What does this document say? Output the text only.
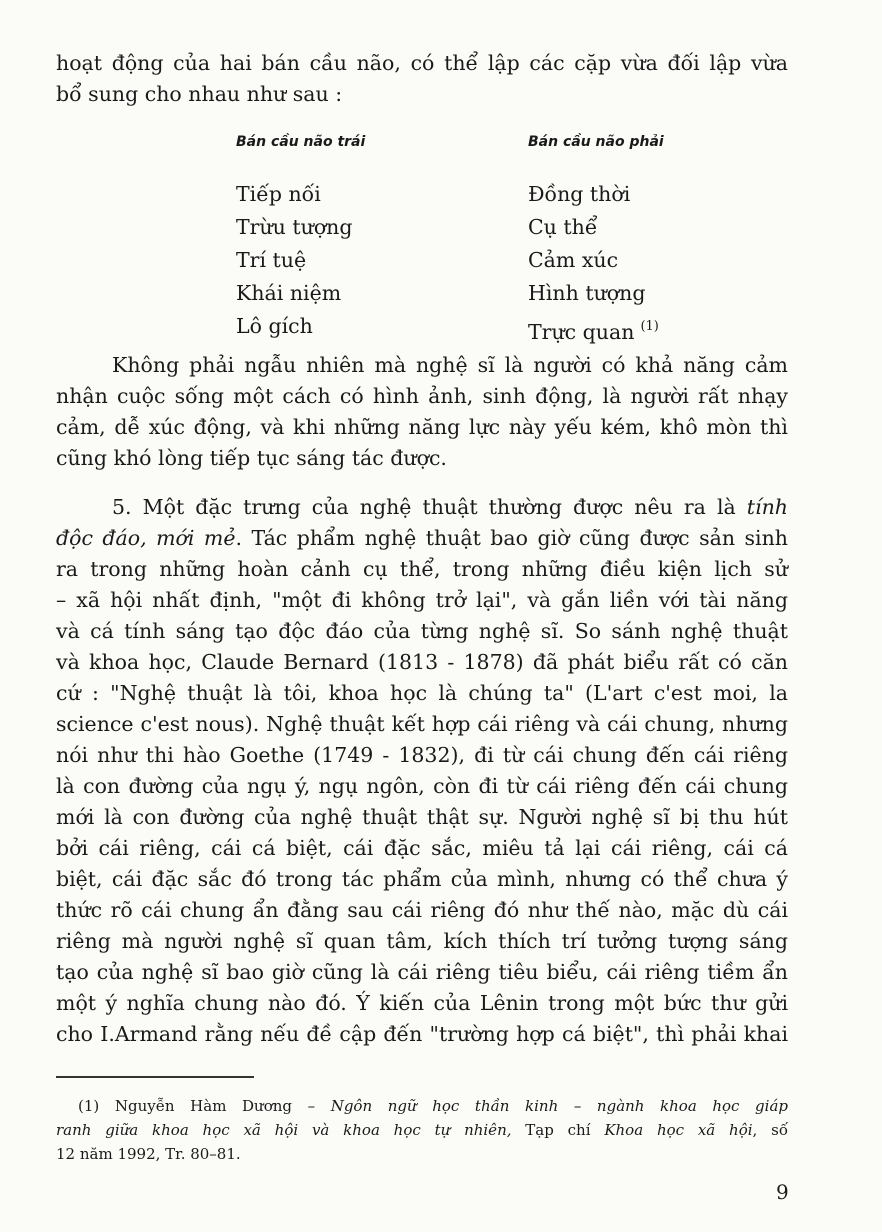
hoạt động của hai bán cầu não, có thể lập các cặp vừa đối lập vừa
bổ sung cho nhau như sau :
Bán cầu não trái
Tiếp nối
Trừu tượng
Trí tuệ
Khái niệm
Lô gích
Bán cầu não phải
Đồng thời
Cụ thể
Cảm xúc
Hình tượng
Trực quan $^{(1)}$
Không phải ngẫu nhiên mà nghệ sĩ là người có khả năng cảm
nhận cuộc sống một cách có hình ảnh, sinh động, là người rất nhạy
cảm, dễ xúc động, và khi những năng lực này yếu kém, khô mòn thì
cũng khó lòng tiếp tục sáng tác được.
5. Một đặc trưng của nghệ thuật thường được nêu ra là tính
độc đáo, mới mẻ. Tác phẩm nghệ thuật bao giờ cũng được sản sinh
ra trong những hoàn cảnh cụ thể, trong những điều kiện lịch sử
– xã hội nhất định, "một đi không trở lại", và gắn liền với tài năng
và cá tính sáng tạo độc đáo của từng nghệ sĩ. So sánh nghệ thuật
và khoa học, Claude Bernard (1813 - 1878) đã phát biểu rất có căn
cứ : "Nghệ thuật là tôi, khoa học là chúng ta" (L'art c'est moi, la
science c'est nous). Nghệ thuật kết hợp cái riêng và cái chung, nhưng
nói như thi hào Goethe (1749 - 1832), đi từ cái chung đến cái riêng
là con đường của ngụ ý, ngụ ngôn, còn đi từ cái riêng đến cái chung
mới là con đường của nghệ thuật thật sự. Người nghệ sĩ bị thu hút
bởi cái riêng, cái cá biệt, cái đặc sắc, miêu tả lại cái riêng, cái cá
biệt, cái đặc sắc đó trong tác phẩm của mình, nhưng có thể chưa ý
thức rõ cái chung ẩn đằng sau cái riêng đó như thế nào, mặc dù cái
riêng mà người nghệ sĩ quan tâm, kích thích trí tưởng tượng sáng
tạo của nghệ sĩ bao giờ cũng là cái riêng tiêu biểu, cái riêng tiềm ẩn
một ý nghĩa chung nào đó. Ý kiến của Lênin trong một bức thư gửi
cho I.Armand rằng nếu đề cập đến "trường hợp cá biệt", thì phải khai
(1) Nguyễn Hàm Dương – Ngôn ngữ học thần kinh – ngành khoa học giáp
ranh giữa khoa học xã hội và khoa học tự nhiên, Tạp chí Khoa học xã hội, số
12 năm 1992, Tr. 80–81.
9
